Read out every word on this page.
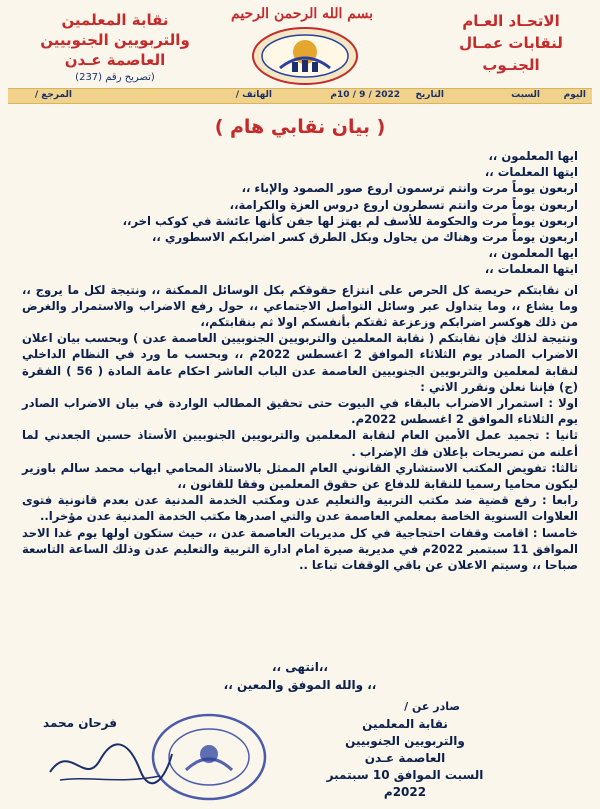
الاتحـاد العـام
لنقابات عمـال
الجنـوب
بسم الله الرحمن الرحيم
نقابة المعلمين
والتربويين الجنوبيين
العاصمة عـدن
(تصريح رقم (237)
اليوم
السبت
التاريخ
2022 / 9 / 10م
الهاتف /
المرجع /
( بيان نقابي هام )

ايها المعلمون ،،

ايتها المعلمات ،،

اربعون يوماً مرت وانتم ترسمون اروع صور الصمود والإباء ،،

اربعون يوماً مرت وانتم تسطرون اروع دروس العزة والكرامة،،

اربعون يوماً مرت والحكومة للأسف لم يهتز لها جفن كأنها عائشة في كوكب اخر،،

اربعون يوماً مرت وهناك من يحاول وبكل الطرق كسر اضرابكم الاسطوري ،،

ايها المعلمون ،،

ايتها المعلمات ،،

ان نقابتكم حريصة كل الحرص على انتزاع حقوقكم بكل الوسائل الممكنة ،، ونتيجة لكل ما يروج ،، وما يشاع ،، وما يتداول عبر وسائل التواصل الاجتماعي ،، حول رفع الاضراب والاستمرار والغرض من ذلك هوكسر اضرابكم وزعزعة ثقتكم بأنفسكم اولا ثم بنقابتكم،،

ونتيجة لذلك فإن نقابتكم ( نقابة المعلمين والتربويين الجنوبيين العاصمة عدن ) وبحسب بيان اعلان الاضراب الصادر يوم الثلاثاء الموافق 2 اغسطس 2022م ،، وبحسب ما ورد في النظام الداخلي لنقابة لمعلمين والتربويين الجنوبيين العاصمة عدن الباب العاشر احكام عامة المادة ( 56 ) الفقرة (ج) فإننا نعلن ونقرر الاتي :

اولا : استمرار الاضراب بالبقاء في البيوت حتى تحقيق المطالب الواردة في بيان الاضراب الصادر يوم الثلاثاء الموافق 2 اغسطس 2022م.

ثانيا : تجميد عمل الأمين العام لنقابة المعلمين والتربويين الجنوبيين الأستاذ حسين الجعدني لما أعلنه من تصريحات بإعلان فك الإضراب .

ثالثا: تفويض المكتب الاستشاري القانوني العام الممثل بالاستاذ المحامي ايهاب محمد سالم باوزير ليكون محاميا رسميا للنقابة للدفاع عن حقوق المعلمين وفقا للقانون ،،

رابعا : رفع قضية ضد مكتب التربية والتعليم عدن ومكتب الخدمة المدنية عدن بعدم قانونية فتوى العلاوات السنوية الخاصة بمعلمي العاصمة عدن والتي اصدرها مكتب الخدمة المدنية عدن مؤخرا..

خامسا : اقامت وقفات احتجاجية في كل مديريات العاصمة عدن ،، حيث ستكون اولها يوم غدا الاحد الموافق 11 سبتمبر 2022م في مديرية صيرة امام ادارة التربية والتعليم عدن وذلك الساعة التاسعة صباحا ،، وسيتم الاعلان عن باقي الوقفات تباعا ..

،،انتهى ،،
،، والله الموفق والمعين ،،
صادر عن /
نقابة المعلمين
والتربويين الجنوبيين
العاصمة عـدن
السبت الموافق 10 سبتمبر 2022م
فرحان محمد
